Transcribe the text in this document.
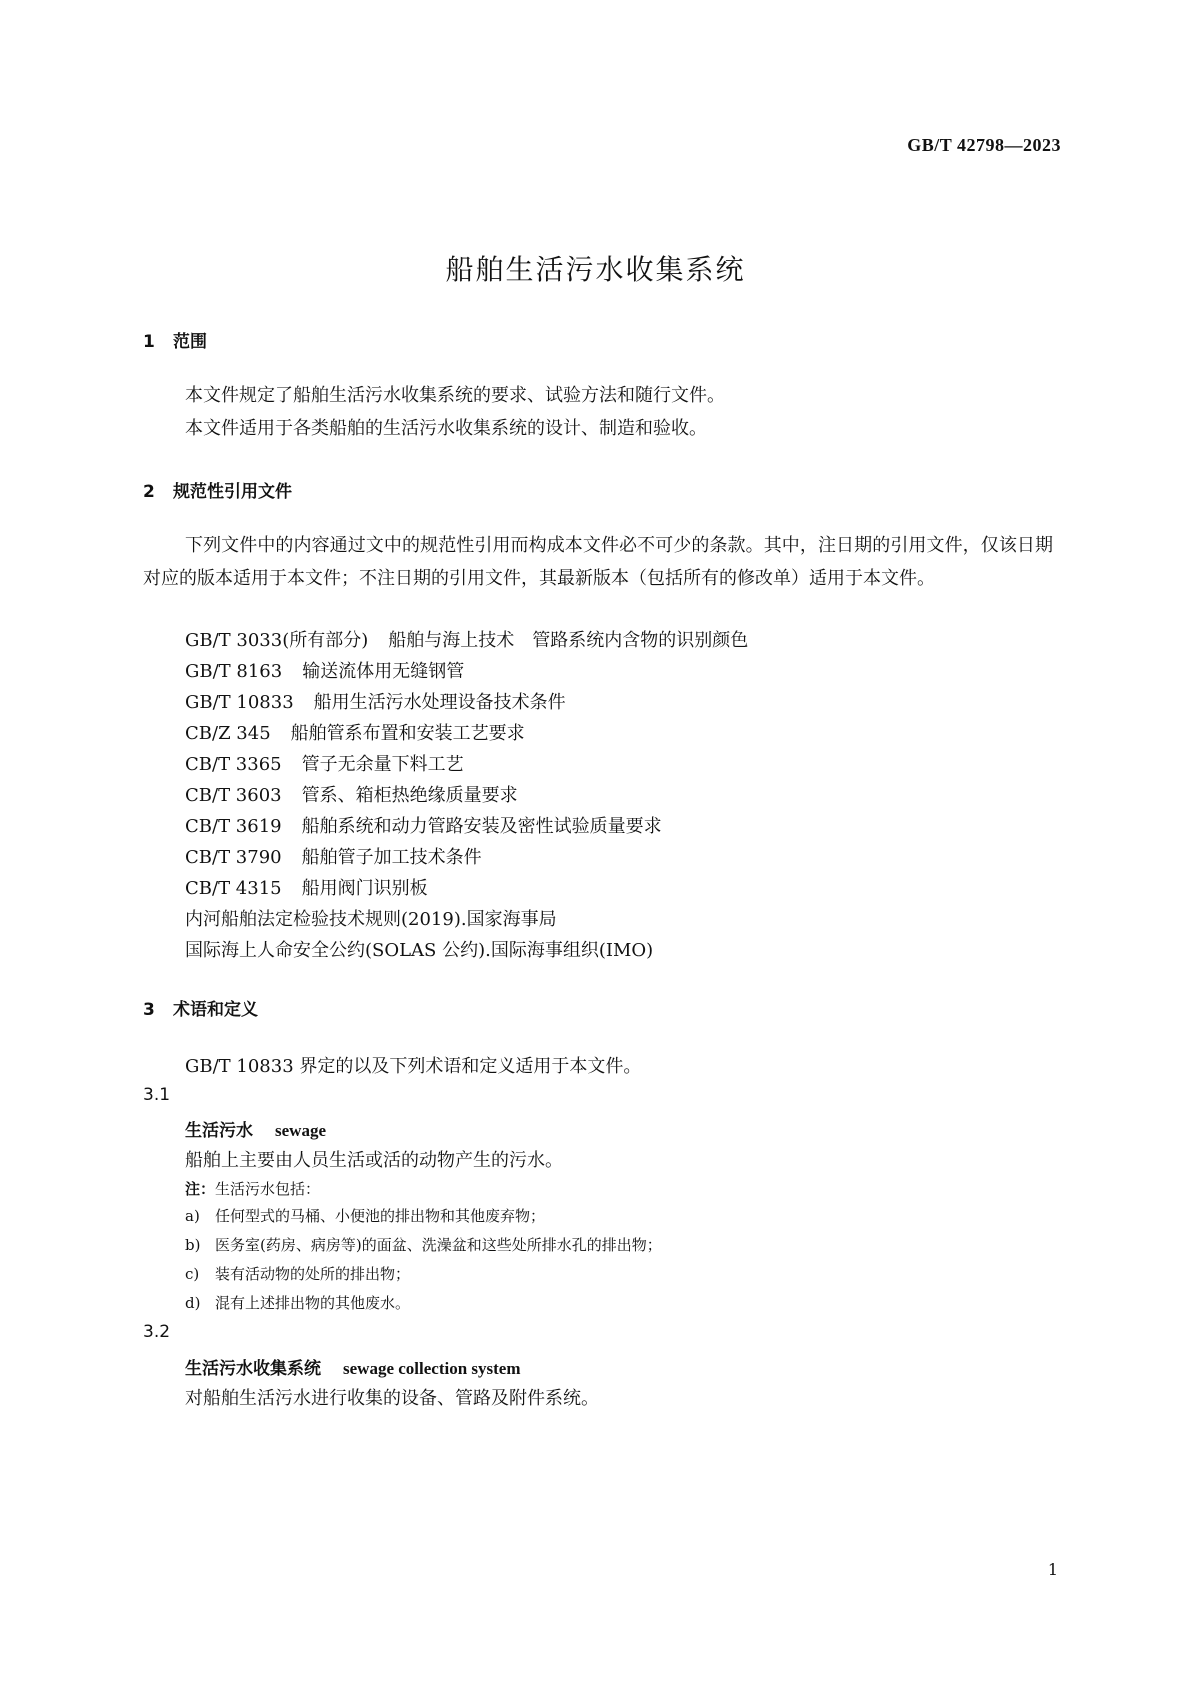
GB/T 42798—2023
船舶生活污水收集系统
1 范围
本文件规定了船舶生活污水收集系统的要求、试验方法和随行文件。
本文件适用于各类船舶的生活污水收集系统的设计、制造和验收。
2 规范性引用文件
下列文件中的内容通过文中的规范性引用而构成本文件必不可少的条款。其中，注日期的引用文件，仅该日期对应的版本适用于本文件；不注日期的引用文件，其最新版本（包括所有的修改单）适用于本文件。
GB/T 3033(所有部分) 船舶与海上技术　管路系统内含物的识别颜色
GB/T 8163 输送流体用无缝钢管
GB/T 10833 船用生活污水处理设备技术条件
CB/Z 345 船舶管系布置和安装工艺要求
CB/T 3365 管子无余量下料工艺
CB/T 3603 管系、箱柜热绝缘质量要求
CB/T 3619 船舶系统和动力管路安装及密性试验质量要求
CB/T 3790 船舶管子加工技术条件
CB/T 4315 船用阀门识别板
内河船舶法定检验技术规则(2019).国家海事局
国际海上人命安全公约(SOLAS 公约).国际海事组织(IMO)
3 术语和定义
GB/T 10833 界定的以及下列术语和定义适用于本文件。
3.1
生活污水 sewage
船舶上主要由人员生活或活的动物产生的污水。
注：生活污水包括：
a) 任何型式的马桶、小便池的排出物和其他废弃物；
b) 医务室(药房、病房等)的面盆、洗澡盆和这些处所排水孔的排出物；
c) 装有活动物的处所的排出物；
d) 混有上述排出物的其他废水。
3.2
生活污水收集系统 sewage collection system
对船舶生活污水进行收集的设备、管路及附件系统。
1
